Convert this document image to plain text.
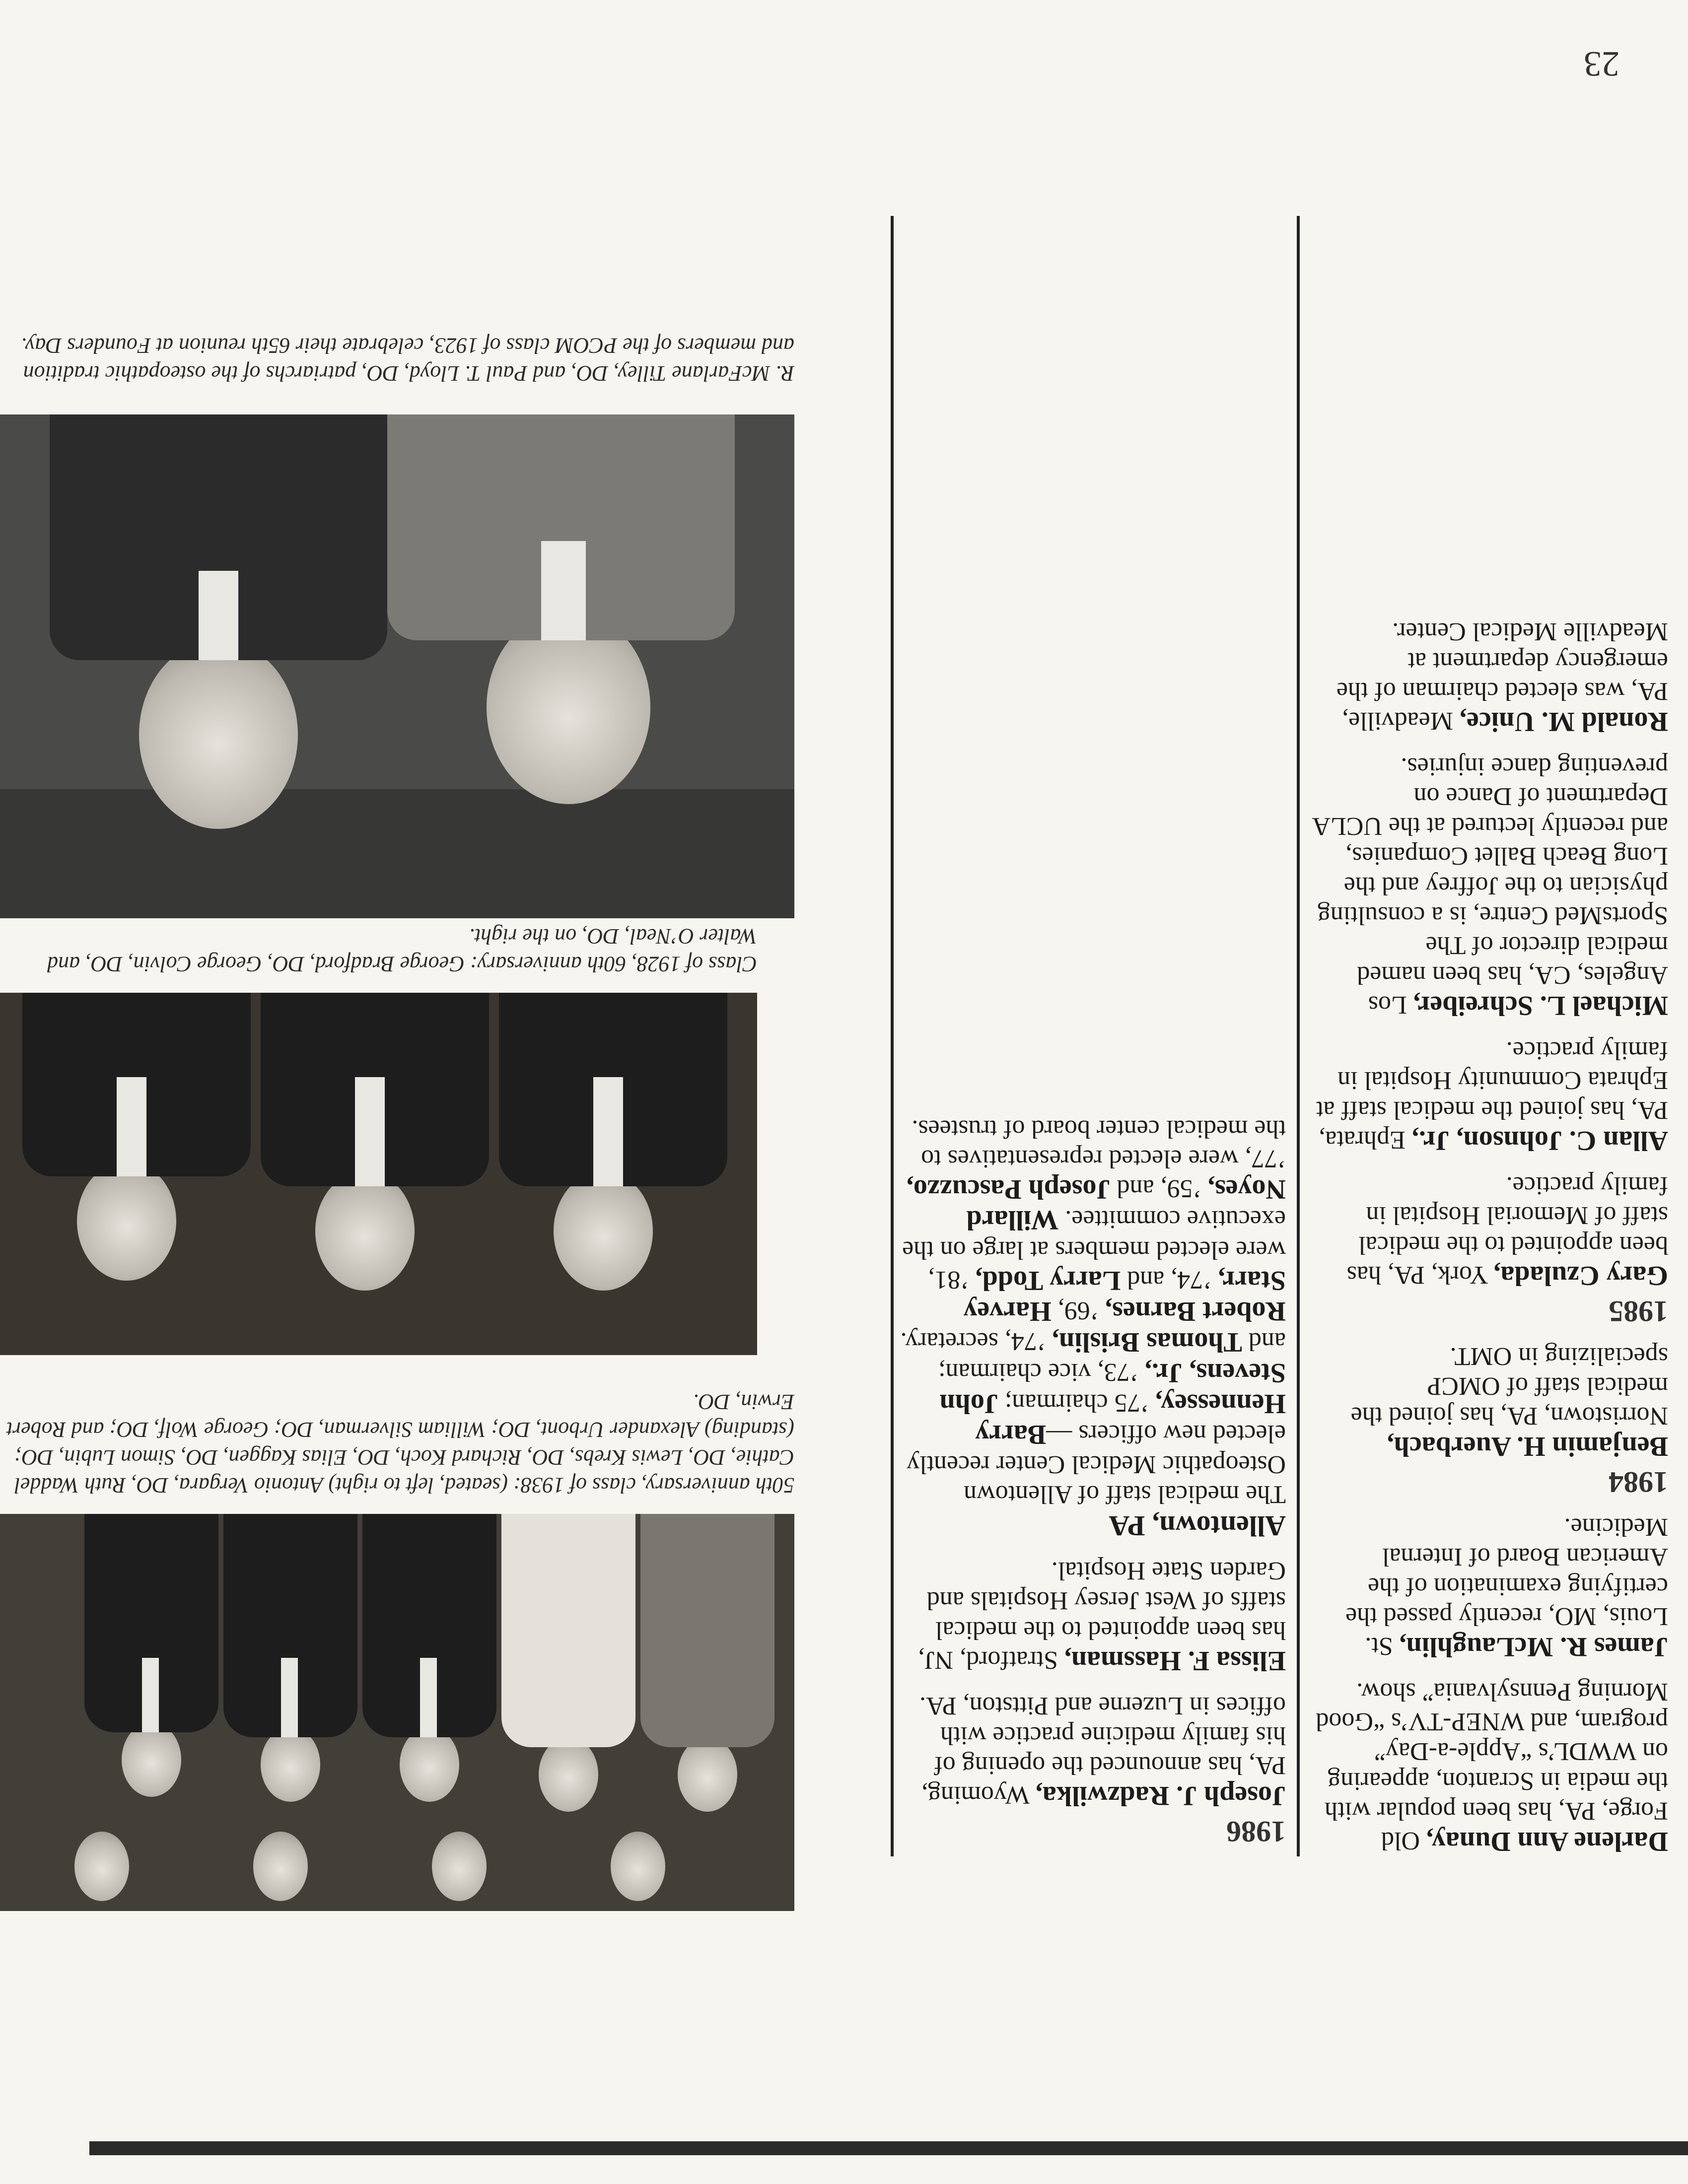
23

Darlene Ann Dunay, Old Forge, PA, has been popular with the media in Scranton, appearing on WWDL’s “Apple-a-Day” program, and WNEP-TV’s “Good Morning Pennsylvania” show.

James R. McLaughlin, St. Louis, MO, recently passed the certifying examination of the American Board of Internal Medicine.

1984

Benjamin H. Auerbach, Norristown, PA, has joined the medical staff of OMCP specializing in OMT.

1985

Gary Czulada, York, PA, has been appointed to the medical staff of Memorial Hospital in family practice.

Allan C. Johnson, Jr., Ephrata, PA, has joined the medical staff at Ephrata Community Hospital in family practice.

Michael L. Schreiber, Los Angeles, CA, has been named medical director of The SportsMed Centre, is a consulting physician to the Joffrey and the Long Beach Ballet Companies, and recently lectured at the UCLA Department of Dance on preventing dance injuries.

Ronald M. Unice, Meadville, PA, was elected chairman of the emergency department at Meadville Medical Center.

1986

Joseph J. Radzwilka, Wyoming, PA, has announced the opening of his family medicine practice with offices in Luzerne and Pittston, PA.

Elissa F. Hassman, Stratford, NJ, has been appointed to the medical staffs of West Jersey Hospitals and Garden State Hospital.

Allentown, PA

The medical staff of Allentown Osteopathic Medical Center recently elected new officers —Barry Hennessey, ’75 chairman; John Stevens, Jr., ’73, vice chairman; and Thomas Brislin, ’74, secretary. Robert Barnes, ’69, Harvey Starr, ’74, and Larry Todd, ’81, were elected members at large on the executive committee. Willard Noyes, ’59, and Joseph Pascuzzo, ’77, were elected representatives to the medical center board of trustees.

R. McFarlane Tilley, DO, and Paul T. Lloyd, DO, patriarchs of the osteopathic tradition and members of the PCOM class of 1923, celebrate their 65th reunion at Founders Day.
Class of 1928, 60th anniversary: George Bradford, DO, George Colvin, DO, and Walter O’Neal, DO, on the right.
50th anniversary, class of 1938: (seated, left to right) Antonio Vergara, DO, Ruth Waddel Cathie, DO, Lewis Krebs, DO, Richard Koch, DO, Elias Kaggen, DO, Simon Lubin, DO; (standing) Alexander Urbont, DO; William Silverman, DO; George Wolf, DO; and Robert Erwin, DO.
